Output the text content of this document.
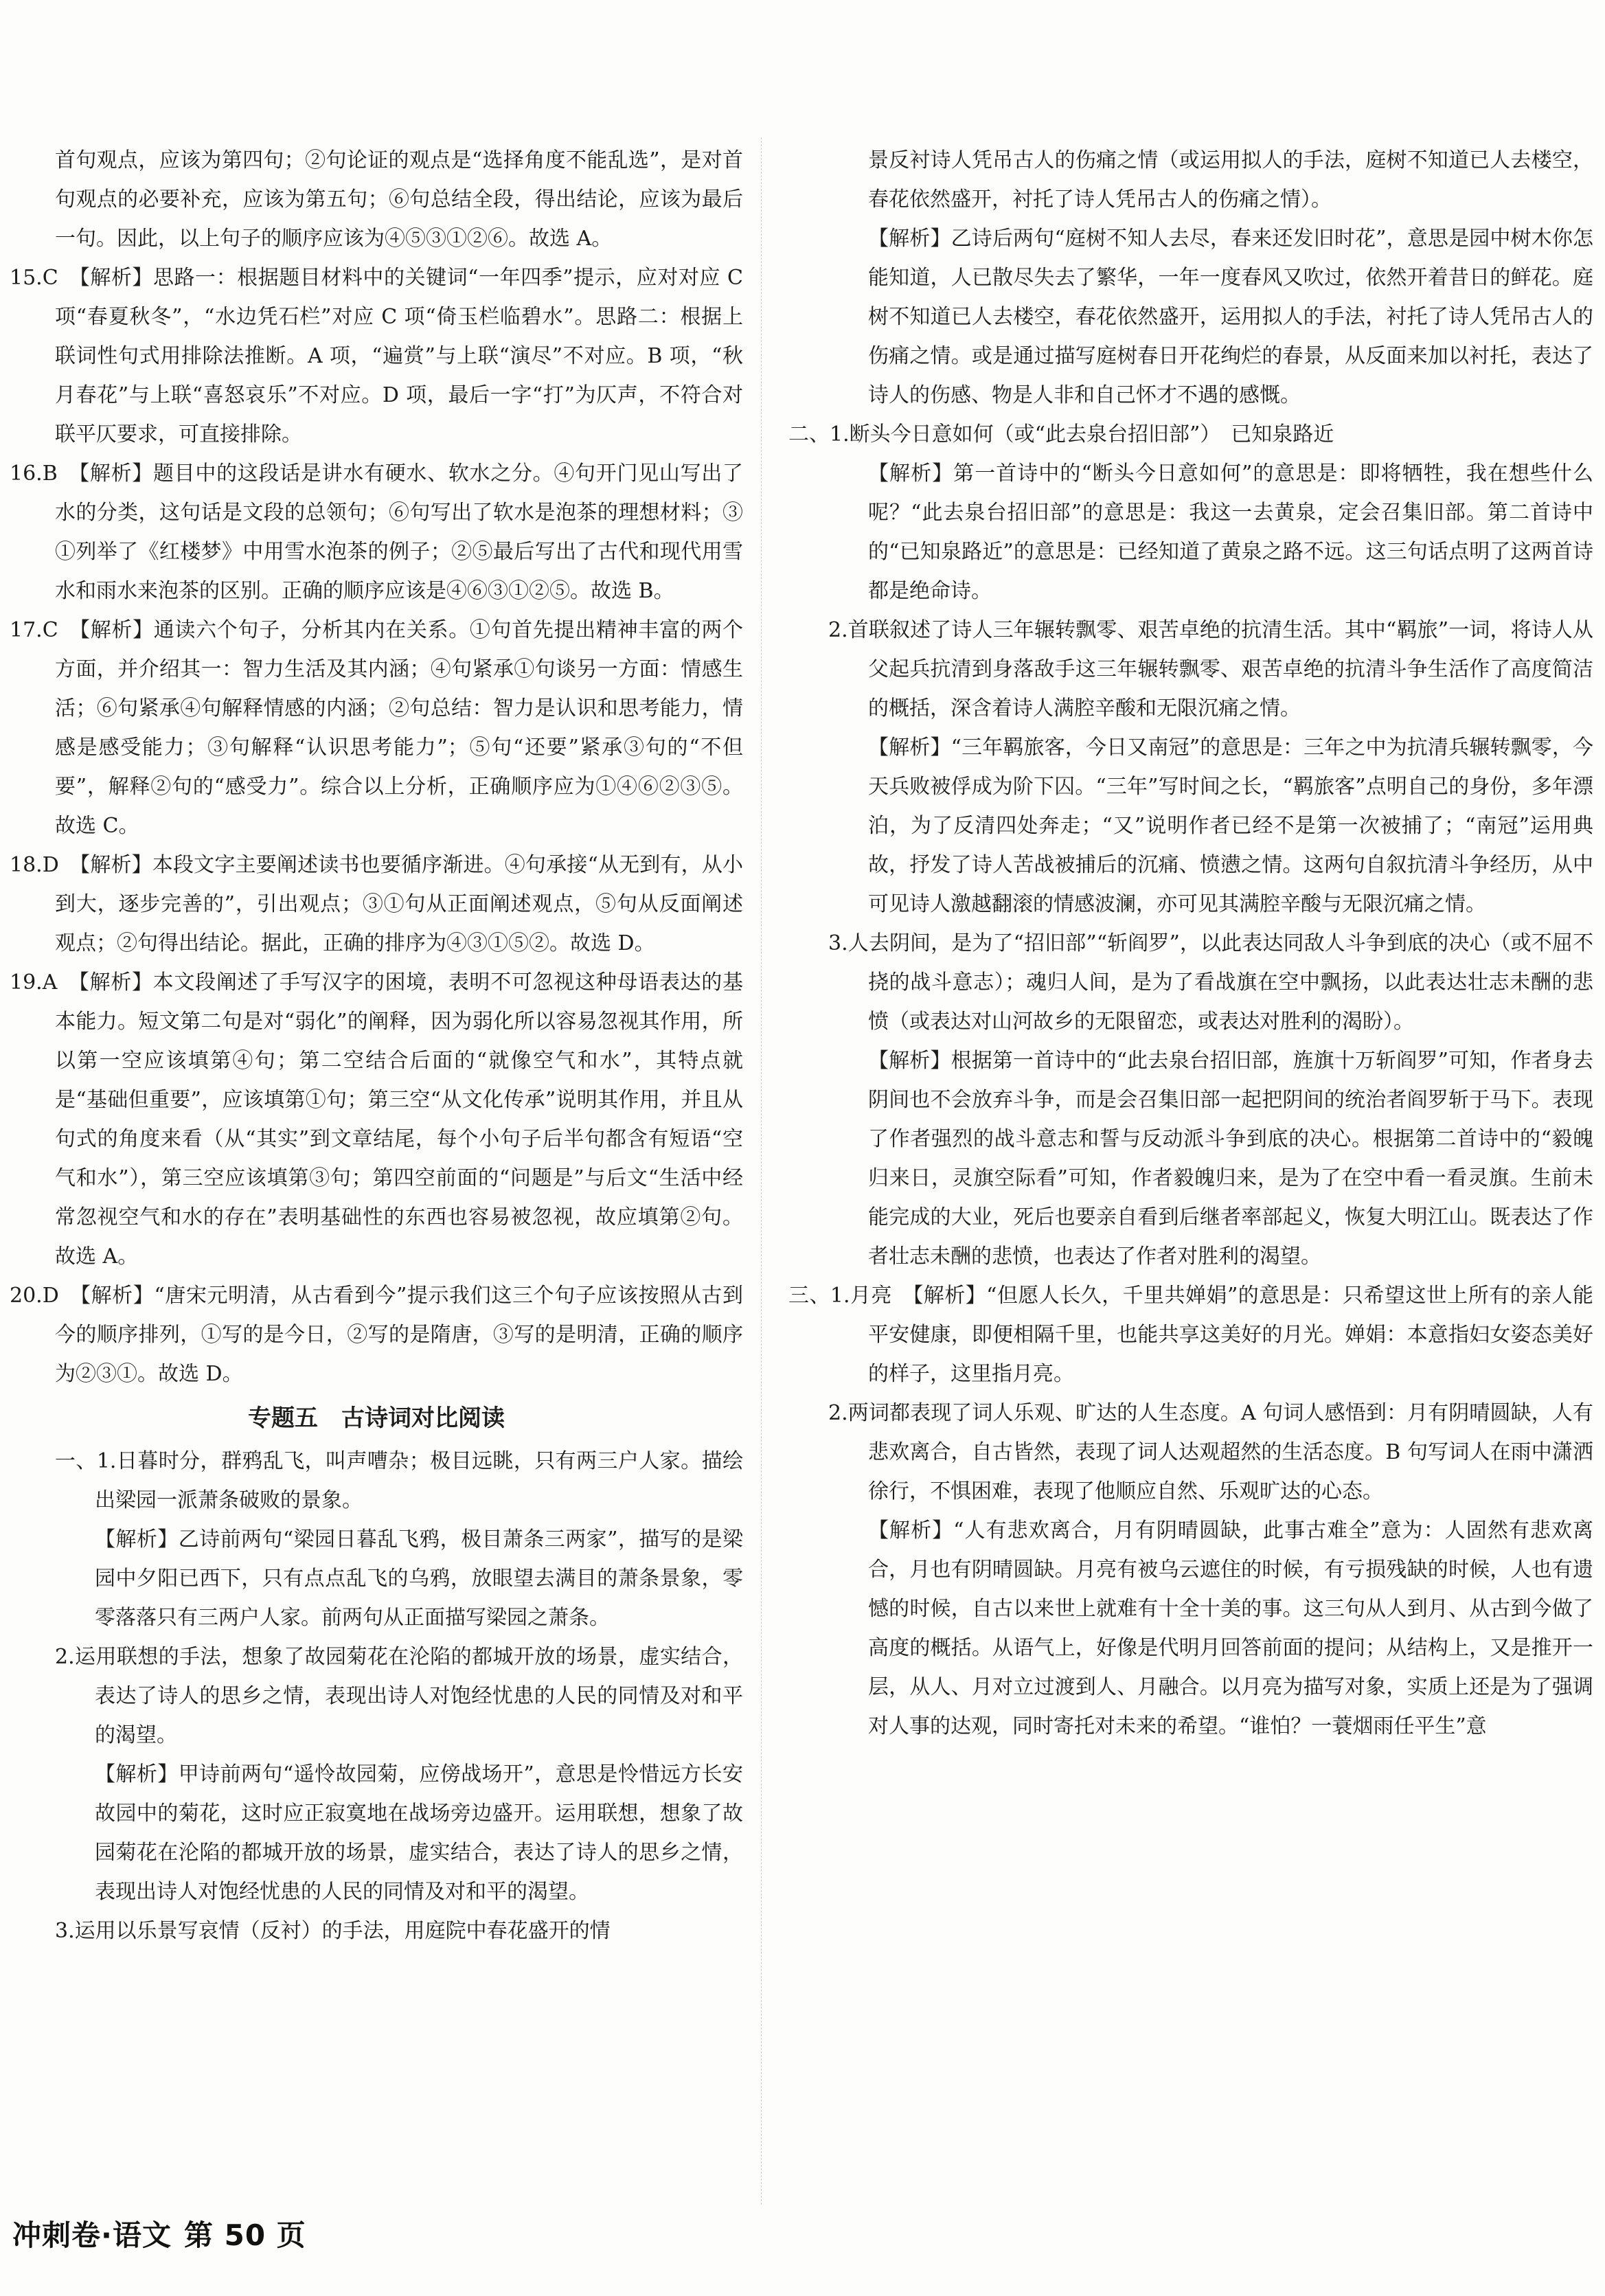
首句观点，应该为第四句；②句论证的观点是“选择角度不能乱选”，是对首句观点的必要补充，应该为第五句；⑥句总结全段，得出结论，应该为最后一句。因此，以上句子的顺序应该为④⑤③①②⑥。故选 A。

15.C　【解析】思路一：根据题目材料中的关键词“一年四季”提示，应对对应 C 项“春夏秋冬”，“水边凭石栏”对应 C 项“倚玉栏临碧水”。思路二：根据上联词性句式用排除法推断。A 项，“遍赏”与上联“演尽”不对应。B 项，“秋月春花”与上联“喜怒哀乐”不对应。D 项，最后一字“打”为仄声，不符合对联平仄要求，可直接排除。

16.B　【解析】题目中的这段话是讲水有硬水、软水之分。④句开门见山写出了水的分类，这句话是文段的总领句；⑥句写出了软水是泡茶的理想材料；③①列举了《红楼梦》中用雪水泡茶的例子；②⑤最后写出了古代和现代用雪水和雨水来泡茶的区别。正确的顺序应该是④⑥③①②⑤。故选 B。

17.C　【解析】通读六个句子，分析其内在关系。①句首先提出精神丰富的两个方面，并介绍其一：智力生活及其内涵；④句紧承①句谈另一方面：情感生活；⑥句紧承④句解释情感的内涵；②句总结：智力是认识和思考能力，情感是感受能力；③句解释“认识思考能力”；⑤句“还要”紧承③句的“不但要”，解释②句的“感受力”。综合以上分析，正确顺序应为①④⑥②③⑤。故选 C。

18.D　【解析】本段文字主要阐述读书也要循序渐进。④句承接“从无到有，从小到大，逐步完善的”，引出观点；③①句从正面阐述观点，⑤句从反面阐述观点；②句得出结论。据此，正确的排序为④③①⑤②。故选 D。

19.A　【解析】本文段阐述了手写汉字的困境，表明不可忽视这种母语表达的基本能力。短文第二句是对“弱化”的阐释，因为弱化所以容易忽视其作用，所以第一空应该填第④句；第二空结合后面的“就像空气和水”，其特点就是“基础但重要”，应该填第①句；第三空“从文化传承”说明其作用，并且从句式的角度来看（从“其实”到文章结尾，每个小句子后半句都含有短语“空气和水”），第三空应该填第③句；第四空前面的“问题是”与后文“生活中经常忽视空气和水的存在”表明基础性的东西也容易被忽视，故应填第②句。故选 A。

20.D　【解析】“唐宋元明清，从古看到今”提示我们这三个句子应该按照从古到今的顺序排列，①写的是今日，②写的是隋唐，③写的是明清，正确的顺序为②③①。故选 D。

专题五　古诗词对比阅读

一、1.日暮时分，群鸦乱飞，叫声嘈杂；极目远眺，只有两三户人家。描绘出梁园一派萧条破败的景象。

【解析】乙诗前两句“梁园日暮乱飞鸦，极目萧条三两家”，描写的是梁园中夕阳已西下，只有点点乱飞的乌鸦，放眼望去满目的萧条景象，零零落落只有三两户人家。前两句从正面描写梁园之萧条。

2.运用联想的手法，想象了故园菊花在沦陷的都城开放的场景，虚实结合，表达了诗人的思乡之情，表现出诗人对饱经忧患的人民的同情及对和平的渴望。

【解析】甲诗前两句“遥怜故园菊，应傍战场开”，意思是怜惜远方长安故园中的菊花，这时应正寂寞地在战场旁边盛开。运用联想，想象了故园菊花在沦陷的都城开放的场景，虚实结合，表达了诗人的思乡之情，表现出诗人对饱经忧患的人民的同情及对和平的渴望。

3.运用以乐景写哀情（反衬）的手法，用庭院中春花盛开的情

景反衬诗人凭吊古人的伤痛之情（或运用拟人的手法，庭树不知道已人去楼空，春花依然盛开，衬托了诗人凭吊古人的伤痛之情）。

【解析】乙诗后两句“庭树不知人去尽，春来还发旧时花”，意思是园中树木你怎能知道，人已散尽失去了繁华，一年一度春风又吹过，依然开着昔日的鲜花。庭树不知道已人去楼空，春花依然盛开，运用拟人的手法，衬托了诗人凭吊古人的伤痛之情。或是通过描写庭树春日开花绚烂的春景，从反面来加以衬托，表达了诗人的伤感、物是人非和自己怀才不遇的感慨。

二、1.断头今日意如何（或“此去泉台招旧部”）　已知泉路近

【解析】第一首诗中的“断头今日意如何”的意思是：即将牺牲，我在想些什么呢？“此去泉台招旧部”的意思是：我这一去黄泉，定会召集旧部。第二首诗中的“已知泉路近”的意思是：已经知道了黄泉之路不远。这三句话点明了这两首诗都是绝命诗。

2.首联叙述了诗人三年辗转飘零、艰苦卓绝的抗清生活。其中“羁旅”一词，将诗人从父起兵抗清到身落敌手这三年辗转飘零、艰苦卓绝的抗清斗争生活作了高度简洁的概括，深含着诗人满腔辛酸和无限沉痛之情。

【解析】“三年羁旅客，今日又南冠”的意思是：三年之中为抗清兵辗转飘零，今天兵败被俘成为阶下囚。“三年”写时间之长，“羁旅客”点明自己的身份，多年漂泊，为了反清四处奔走；“又”说明作者已经不是第一次被捕了；“南冠”运用典故，抒发了诗人苦战被捕后的沉痛、愤懑之情。这两句自叙抗清斗争经历，从中可见诗人激越翻滚的情感波澜，亦可见其满腔辛酸与无限沉痛之情。

3.人去阴间，是为了“招旧部”“斩阎罗”，以此表达同敌人斗争到底的决心（或不屈不挠的战斗意志）；魂归人间，是为了看战旗在空中飘扬，以此表达壮志未酬的悲愤（或表达对山河故乡的无限留恋，或表达对胜利的渴盼）。

【解析】根据第一首诗中的“此去泉台招旧部，旌旗十万斩阎罗”可知，作者身去阴间也不会放弃斗争，而是会召集旧部一起把阴间的统治者阎罗斩于马下。表现了作者强烈的战斗意志和誓与反动派斗争到底的决心。根据第二首诗中的“毅魄归来日，灵旗空际看”可知，作者毅魄归来，是为了在空中看一看灵旗。生前未能完成的大业，死后也要亲自看到后继者率部起义，恢复大明江山。既表达了作者壮志未酬的悲愤，也表达了作者对胜利的渴望。

三、1.月亮　【解析】“但愿人长久，千里共婵娟”的意思是：只希望这世上所有的亲人能平安健康，即便相隔千里，也能共享这美好的月光。婵娟：本意指妇女姿态美好的样子，这里指月亮。

2.两词都表现了词人乐观、旷达的人生态度。A 句词人感悟到：月有阴晴圆缺，人有悲欢离合，自古皆然，表现了词人达观超然的生活态度。B 句写词人在雨中潇洒徐行，不惧困难，表现了他顺应自然、乐观旷达的心态。

【解析】“人有悲欢离合，月有阴晴圆缺，此事古难全”意为：人固然有悲欢离合，月也有阴晴圆缺。月亮有被乌云遮住的时候，有亏损残缺的时候，人也有遗憾的时候，自古以来世上就难有十全十美的事。这三句从人到月、从古到今做了高度的概括。从语气上，好像是代明月回答前面的提问；从结构上，又是推开一层，从人、月对立过渡到人、月融合。以月亮为描写对象，实质上还是为了强调对人事的达观，同时寄托对未来的希望。“谁怕？一蓑烟雨任平生”意

冲刺卷·语文 第 50 页
